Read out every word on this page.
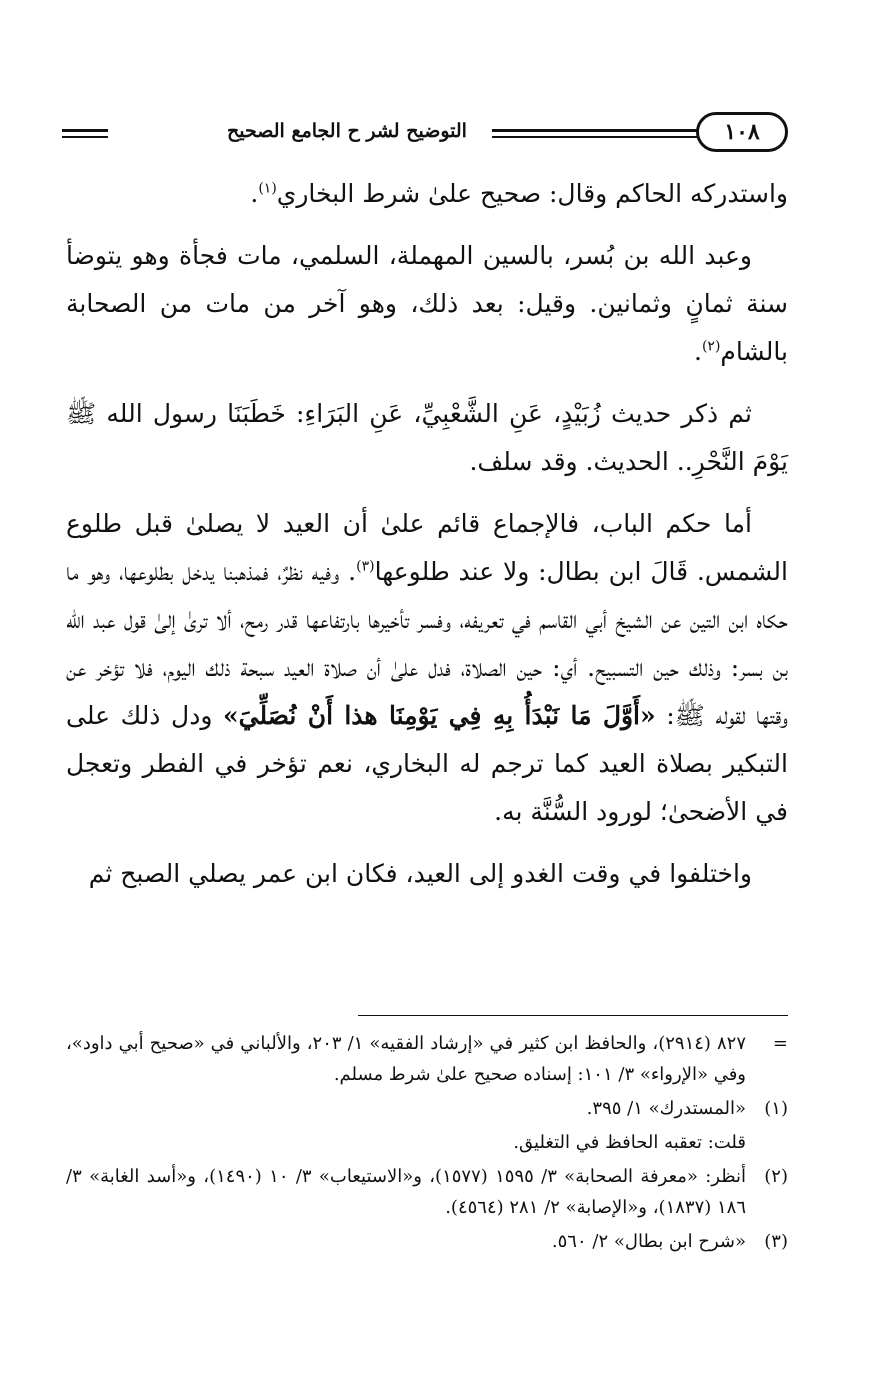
التوضيح لشر ح الجامع الصحيح	١٠٨

واستدركه الحاكم وقال: صحيح علىٰ شرط البخاري$^{(١)}$.

وعبد الله بن بُسر، بالسين المهملة، السلمي، مات فجأة وهو يتوضأ سنة ثمانٍ وثمانين. وقيل: بعد ذلك، وهو آخر من مات من الصحابة بالشام$^{(٢)}$.

ثم ذكر حديث زُبَيْدٍ، عَنِ الشَّعْبِيِّ، عَنِ البَرَاءِ: خَطَبَنَا رسول الله ﷺ يَوْمَ النَّحْرِ.. الحديث. وقد سلف.

أما حكم الباب، فالإجماع قائم علىٰ أن العيد لا يصلىٰ قبل طلوع الشمس. قَالَ ابن بطال: ولا عند طلوعها$^{(٣)}$. وفيه نظرٌ، فمذهبنا يدخل بطلوعها، وهو ما حكاه ابن التين عن الشيخ أبي القاسم في تعريفه، وفسر تأخيرها بارتفاعها قدر رمح، ألا ترىٰ إلىٰ قول عبد الله بن بسر: وذلك حين التسبيح. أي: حين الصلاة، فدل علىٰ أن صلاة العيد سبحة ذلك اليوم، فلا تؤخر عن وقتها لقوله ﷺ: «أَوَّلَ مَا نَبْدَأُ بِهِ فِي يَوْمِنَا هذا أَنْ نُصَلِّيَ» ودل ذلك على التبكير بصلاة العيد كما ترجم له البخاري، نعم تؤخر في الفطر وتعجل في الأضحىٰ؛ لورود السُّنَّة به.

واختلفوا في وقت الغدو إلى العيد، فكان ابن عمر يصلي الصبح ثم

=
٨٢٧ (٢٩١٤)، والحافظ ابن كثير في «إرشاد الفقيه» ١/ ٢٠٣، والألباني في «صحيح أبي داود»، وفي «الإرواء» ٣/ ١٠١: إسناده صحيح علىٰ شرط مسلم.
(١)
«المستدرك» ١/ ٣٩٥.
قلت: تعقبه الحافظ في التغليق.
(٢)
أنظر: «معرفة الصحابة» ٣/ ١٥٩٥ (١٥٧٧)، و«الاستيعاب» ٣/ ١٠ (١٤٩٠)، و«أسد الغابة» ٣/ ١٨٦ (١٨٣٧)، و«الإصابة» ٢/ ٢٨١ (٤٥٦٤).
(٣)
«شرح ابن بطال» ٢/ ٥٦٠.
